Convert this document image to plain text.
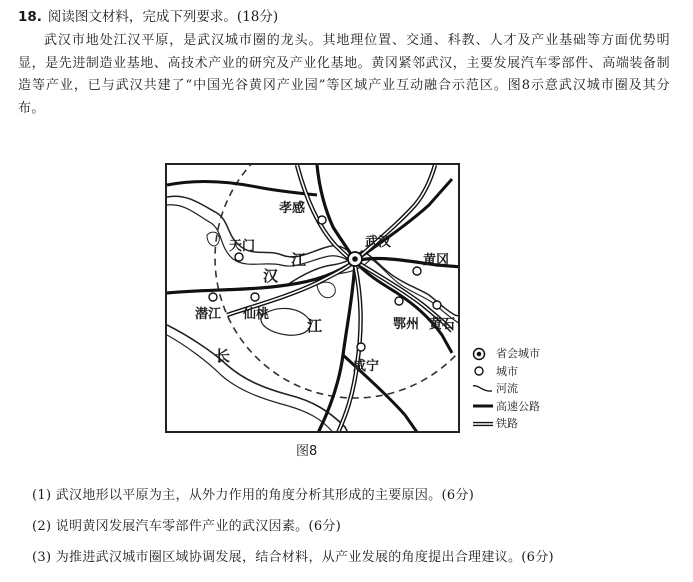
18. 阅读图文材料，完成下列要求。(18分)
武汉市地处江汉平原，是武汉城市圈的龙头。其地理位置、交通、科教、人才及产业基础等方面优势明显，是先进制造业基地、高技术产业的研究及产业化基地。黄冈紧邻武汉，主要发展汽车零部件、高端装备制造等产业，已与武汉共建了“中国光谷黄冈产业园”等区域产业互动融合示范区。图8示意武汉城市圈及其分布。
孝感
天门	武汉
黄冈
潜江 仙桃
鄂州 黄石
咸宁
汉
江
江
长	省会城市
城市
河流
高速公路
铁路
图8
(1) 武汉地形以平原为主，从外力作用的角度分析其形成的主要原因。(6分)
(2) 说明黄冈发展汽车零部件产业的武汉因素。(6分)
(3) 为推进武汉城市圈区域协调发展，结合材料，从产业发展的角度提出合理建议。(6分)
